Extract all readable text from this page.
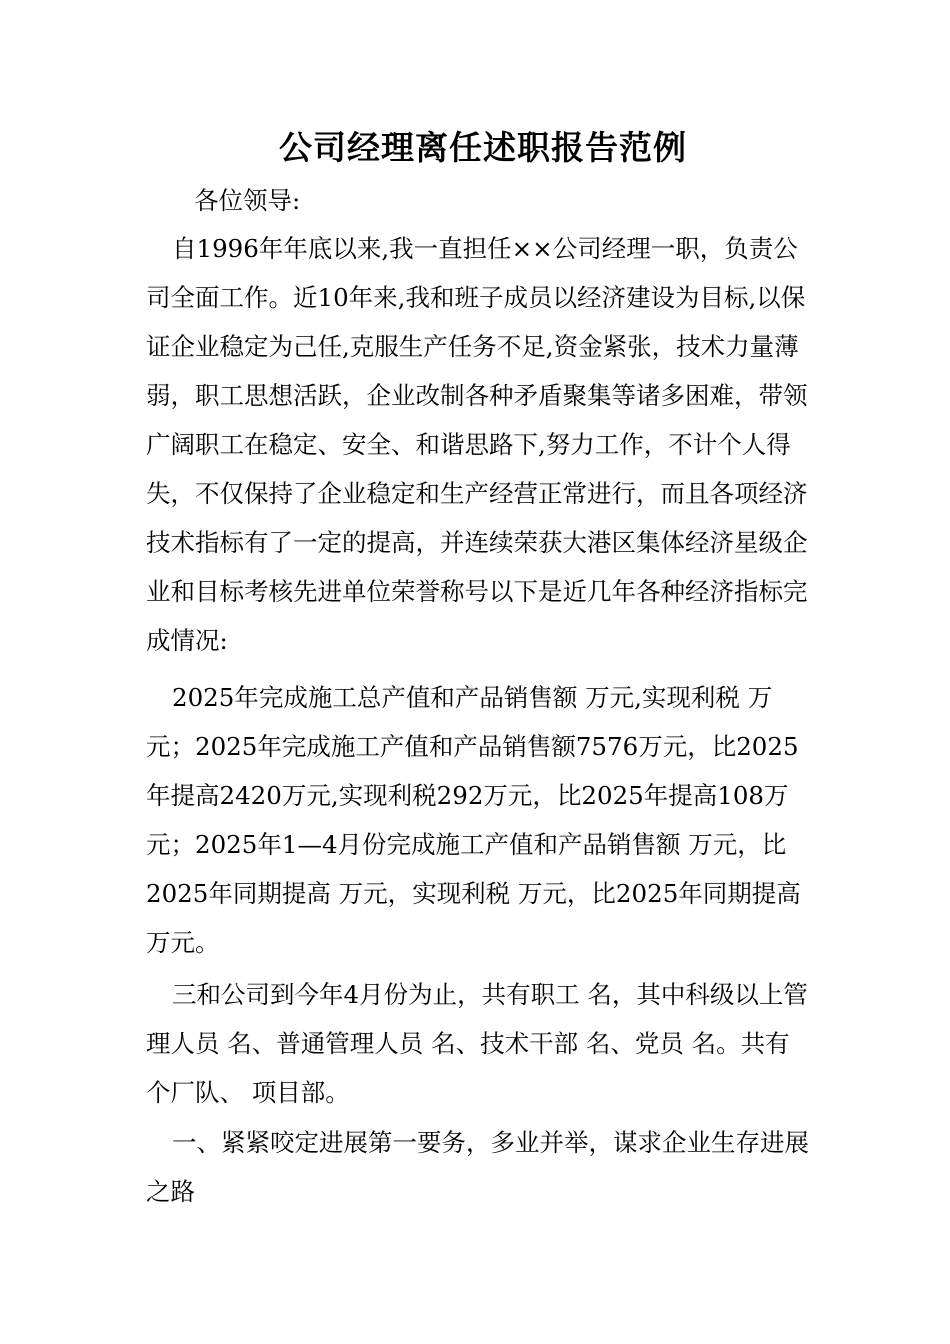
公司经理离任述职报告范例
各位领导:
自1996年年底以来,我一直担任××公司经理一职，负责公司全面工作。近10年来,我和班子成员以经济建设为目标,以保证企业稳定为己任,克服生产任务不足,资金紧张，技术力量薄弱，职工思想活跃，企业改制各种矛盾聚集等诸多困难，带领广阔职工在稳定、安全、和谐思路下,努力工作，不计个人得失，不仅保持了企业稳定和生产经营正常进行，而且各项经济技术指标有了一定的提高，并连续荣获大港区集体经济星级企业和目标考核先进单位荣誉称号以下是近几年各种经济指标完成情况:
2025年完成施工总产值和产品销售额 万元,实现利税 万元；2025年完成施工产值和产品销售额7576万元，比2025年提高2420万元,实现利税292万元，比2025年提高108万元；2025年1—4月份完成施工产值和产品销售额 万元，比2025年同期提高 万元，实现利税 万元，比2025年同期提高 万元。
三和公司到今年4月份为止，共有职工 名，其中科级以上管理人员 名、普通管理人员 名、技术干部 名、党员 名。共有 个厂队、 项目部。
一、紧紧咬定进展第一要务，多业并举，谋求企业生存进展之路
